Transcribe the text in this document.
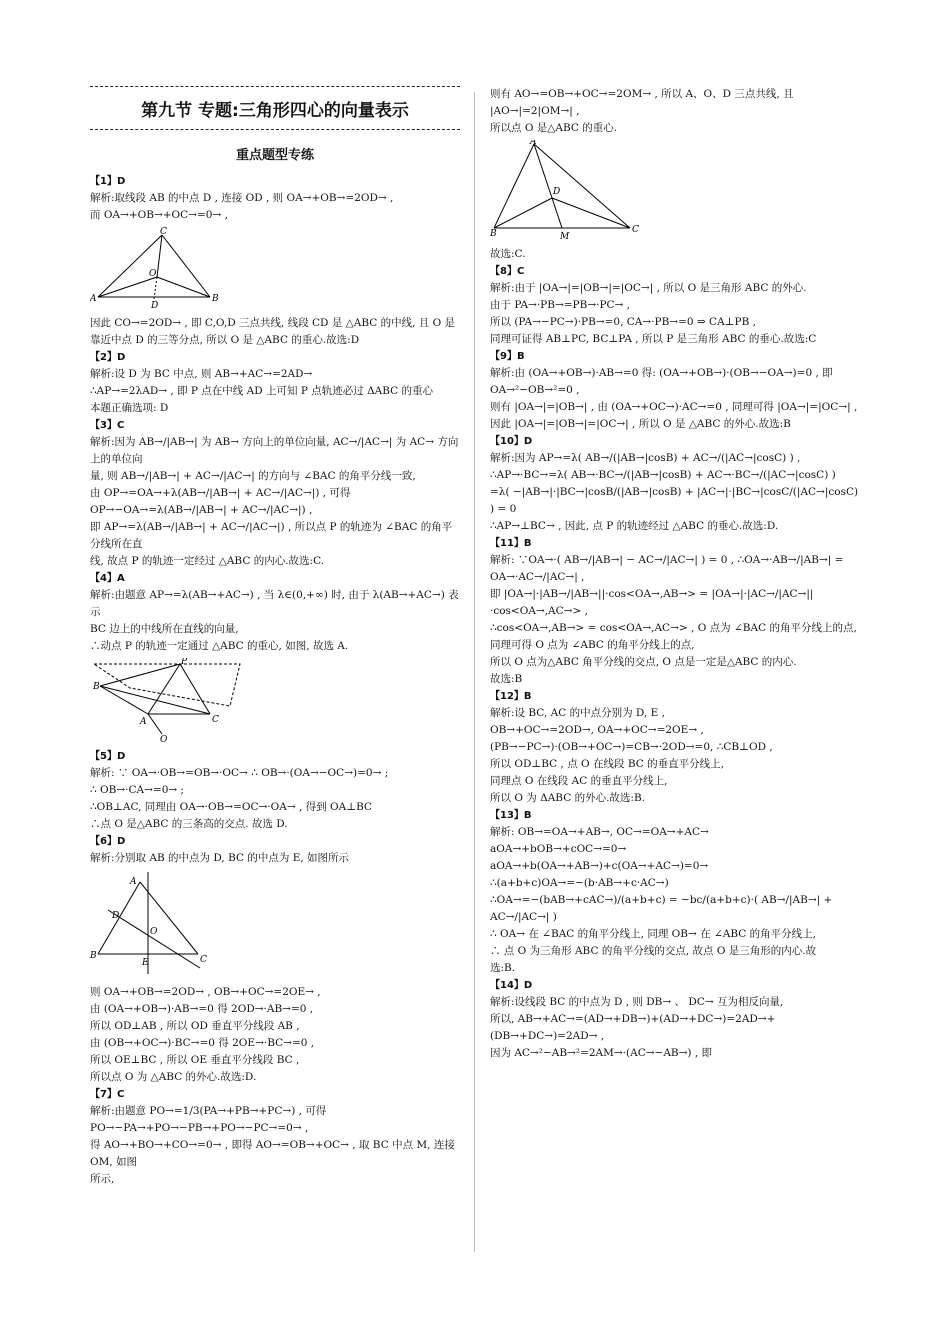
第九节 专题:三角形四心的向量表示
重点题型专练

【1】D

解析:取线段 AB 的中点 D , 连接 OD , 则 OA→+OB→=2OD→ ,

而 OA→+OB→+OC→=0→ ,

A	B
C
O
D

因此 CO→=2OD→ , 即 C,O,D 三点共线, 线段 CD 是 △ABC 的中线, 且 O 是

靠近中点 D 的三等分点, 所以 O 是 △ABC 的重心.故选:D

【2】D

解析:设 D 为 BC 中点, 则 AB→+AC→=2AD→

∴AP→=2λAD→ , 即 P 点在中线 AD 上可知 P 点轨迹必过 ΔABC 的重心

本题正确选项: D

【3】C

解析:因为 AB→/|AB→| 为 AB→ 方向上的单位向量, AC→/|AC→| 为 AC→ 方向上的单位向

量, 则 AB→/|AB→| + AC→/|AC→| 的方向与 ∠BAC 的角平分线一致,

由 OP→=OA→+λ(AB→/|AB→| + AC→/|AC→|) , 可得 OP→−OA→=λ(AB→/|AB→| + AC→/|AC→|) ,

即 AP→=λ(AB→/|AB→| + AC→/|AC→|) , 所以点 P 的轨迹为 ∠BAC 的角平分线所在直

线, 故点 P 的轨迹一定经过 △ABC 的内心.故选:C.

【4】A

解析:由题意 AP→=λ(AB→+AC→) , 当 λ∈(0,+∞) 时, 由于 λ(AB→+AC→) 表示

BC 边上的中线所在直线的向量,

∴动点 P 的轨迹一定通过 △ABC 的重心, 如图, 故选 A.

B
A	C
P
O

【5】D

解析: ∵ OA→·OB→=OB→·OC→ ∴ OB→·(OA→−OC→)=0→ ;

∴ OB→·CA→=0→ ;

∴OB⊥AC, 同理由 OA→·OB→=OC→·OA→ , 得到 OA⊥BC

∴点 O 是△ABC 的三条高的交点. 故选 D.

【6】D

解析:分别取 AB 的中点为 D, BC 的中点为 E, 如图所示

B	C
A
D
O
E

则 OA→+OB→=2OD→ , OB→+OC→=2OE→ ,

由 (OA→+OB→)·AB→=0 得 2OD→·AB→=0 ,

所以 OD⊥AB , 所以 OD 垂直平分线段 AB ,

由 (OB→+OC→)·BC→=0 得 2OE→·BC→=0 ,

所以 OE⊥BC , 所以 OE 垂直平分线段 BC ,

所以点 O 为 △ABC 的外心.故选:D.

【7】C

解析:由题意 PO→=1/3(PA→+PB→+PC→) , 可得

PO→−PA→+PO→−PB→+PO→−PC→=0→ ,

得 AO→+BO→+CO→=0→ , 即得 AO→=OB→+OC→ , 取 BC 中点 M, 连接 OM, 如图

所示,

则有 AO→=OB→+OC→=2OM→ , 所以 A、O、D 三点共线, 且 |AO→|=2|OM→| ,

所以点 O 是△ABC 的重心.

B	C
A
D
M

故选:C.

【8】C

解析:由于 |OA→|=|OB→|=|OC→| , 所以 O 是三角形 ABC 的外心.

由于 PA→·PB→=PB→·PC→ ,

所以 (PA→−PC→)·PB→=0, CA→·PB→=0 ⇒ CA⊥PB ,

同理可证得 AB⊥PC, BC⊥PA , 所以 P 是三角形 ABC 的垂心.故选:C

【9】B

解析:由 (OA→+OB→)·AB→=0 得: (OA→+OB→)·(OB→−OA→)=0 , 即 OA→²−OB→²=0 ,

则有 |OA→|=|OB→| , 由 (OA→+OC→)·AC→=0 , 同理可得 |OA→|=|OC→| ,

因此 |OA→|=|OB→|=|OC→| , 所以 O 是 △ABC 的外心.故选:B

【10】D

解析:因为 AP→=λ( AB→/(|AB→|cosB) + AC→/(|AC→|cosC) ) ,

∴AP→·BC→=λ( AB→·BC→/(|AB→|cosB) + AC→·BC→/(|AC→|cosC) )

=λ( −|AB→|·|BC→|cosB/(|AB→|cosB) + |AC→|·|BC→|cosC/(|AC→|cosC) ) = 0

∴AP→⊥BC→ , 因此, 点 P 的轨迹经过 △ABC 的垂心.故选:D.

【11】B

解析: ∵OA→·( AB→/|AB→| − AC→/|AC→| ) = 0 , ∴OA→·AB→/|AB→| = OA→·AC→/|AC→| ,

即 |OA→|·|AB→/|AB→||·cos<OA→,AB→> = |OA→|·|AC→/|AC→||·cos<OA→,AC→> ,

∴cos<OA→,AB→> = cos<OA→,AC→> , O 点为 ∠BAC 的角平分线上的点,

同理可得 O 点为 ∠ABC 的角平分线上的点,

所以 O 点为△ABC 角平分线的交点, O 点是一定是△ABC 的内心.

故选:B

【12】B

解析:设 BC, AC 的中点分别为 D, E ,

OB→+OC→=2OD→, OA→+OC→=2OE→ ,

(PB→−PC→)·(OB→+OC→)=CB→·2OD→=0, ∴CB⊥OD ,

所以 OD⊥BC , 点 O 在线段 BC 的垂直平分线上,

同理点 O 在线段 AC 的垂直平分线上,

所以 O 为 ΔABC 的外心.故选:B.

【13】B

解析: OB→=OA→+AB→, OC→=OA→+AC→

aOA→+bOB→+cOC→=0→

aOA→+b(OA→+AB→)+c(OA→+AC→)=0→

∴(a+b+c)OA→=−(b·AB→+c·AC→)

∴OA→=−(bAB→+cAC→)/(a+b+c) = −bc/(a+b+c)·( AB→/|AB→| + AC→/|AC→| )

∴ OA→ 在 ∠BAC 的角平分线上, 同理 OB→ 在 ∠ABC 的角平分线上,

∴ 点 O 为三角形 ABC 的角平分线的交点, 故点 O 是三角形的内心.故

选:B.

【14】D

解析:设线段 BC 的中点为 D , 则 DB→ 、 DC→ 互为相反向量,

所以, AB→+AC→=(AD→+DB→)+(AD→+DC→)=2AD→+(DB→+DC→)=2AD→ ,

因为 AC→²−AB→²=2AM→·(AC→−AB→) , 即
